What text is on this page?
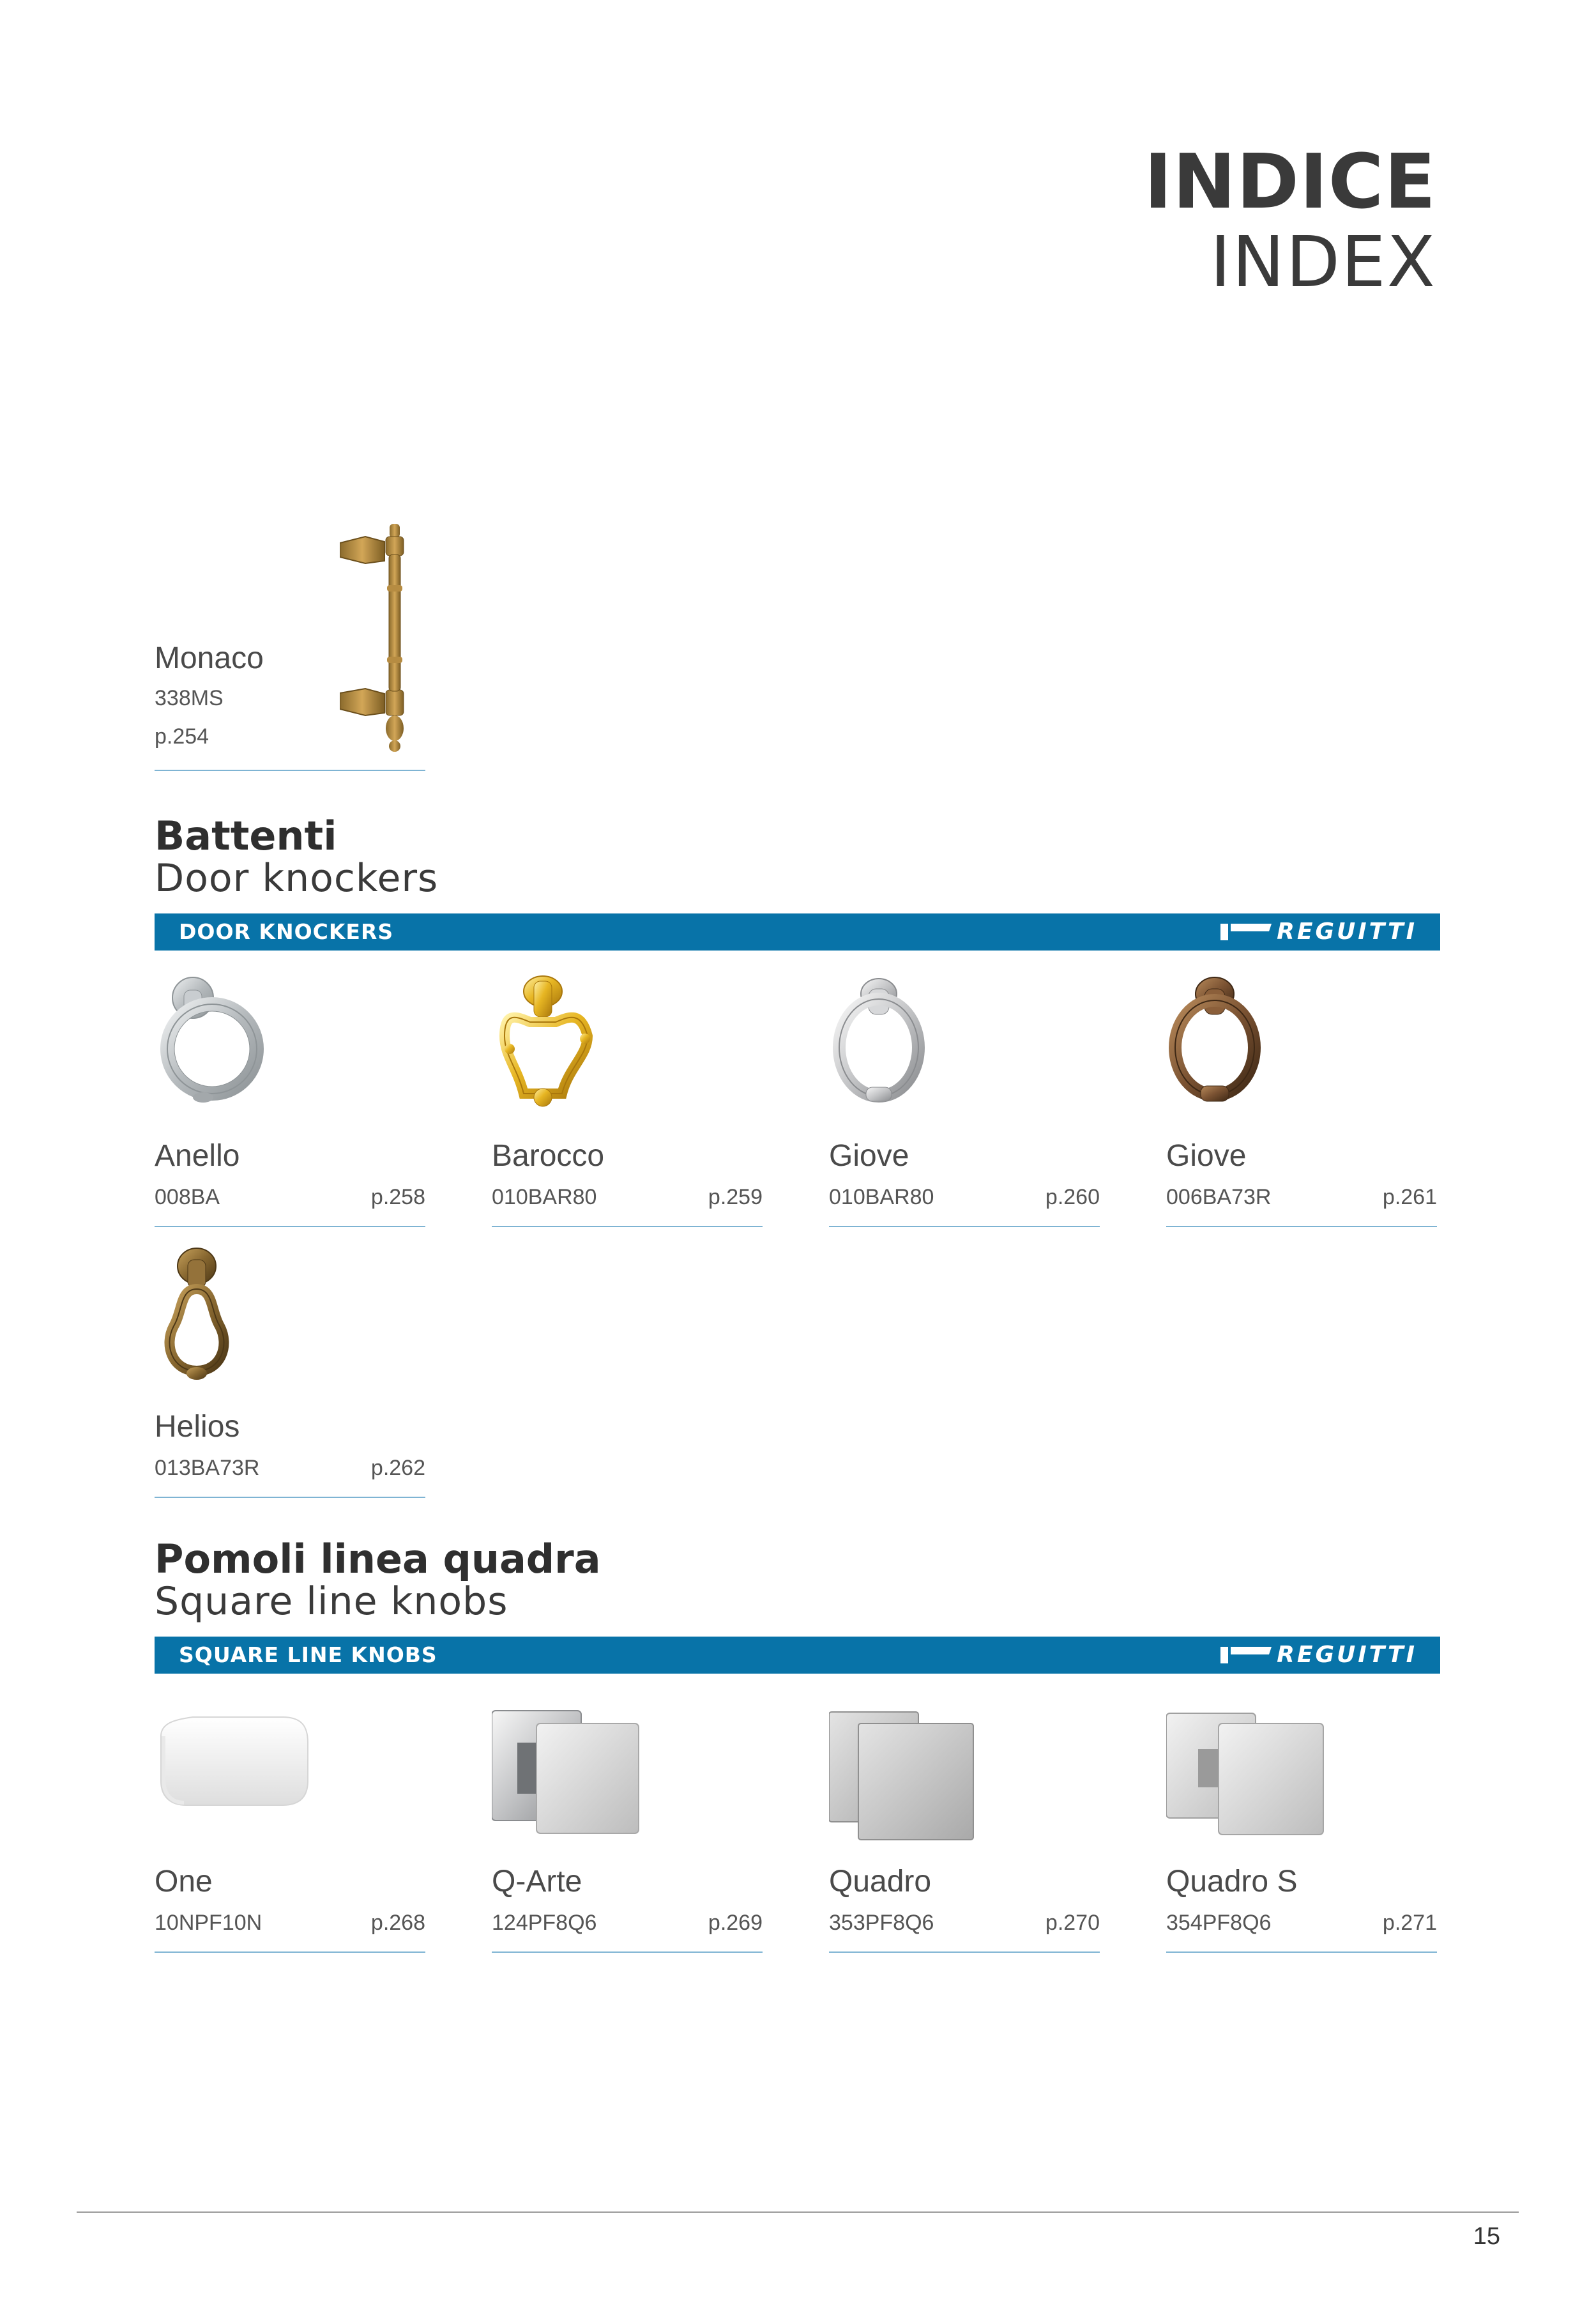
INDICE
INDEX
Monaco
338MS
p.254
Battenti
Door knockers
DOOR KNOCKERS	REGUITTI
Anello
008BA	p.258
Barocco
010BAR80	p.259
Giove
010BAR80	p.260
Giove
006BA73R	p.261
Helios
013BA73R	p.262
Pomoli linea quadra
Square line knobs
SQUARE LINE KNOBS	REGUITTI
One
10NPF10N	p.268
Q-Arte
124PF8Q6	p.269
Quadro
353PF8Q6	p.270
Quadro S
354PF8Q6	p.271
15
